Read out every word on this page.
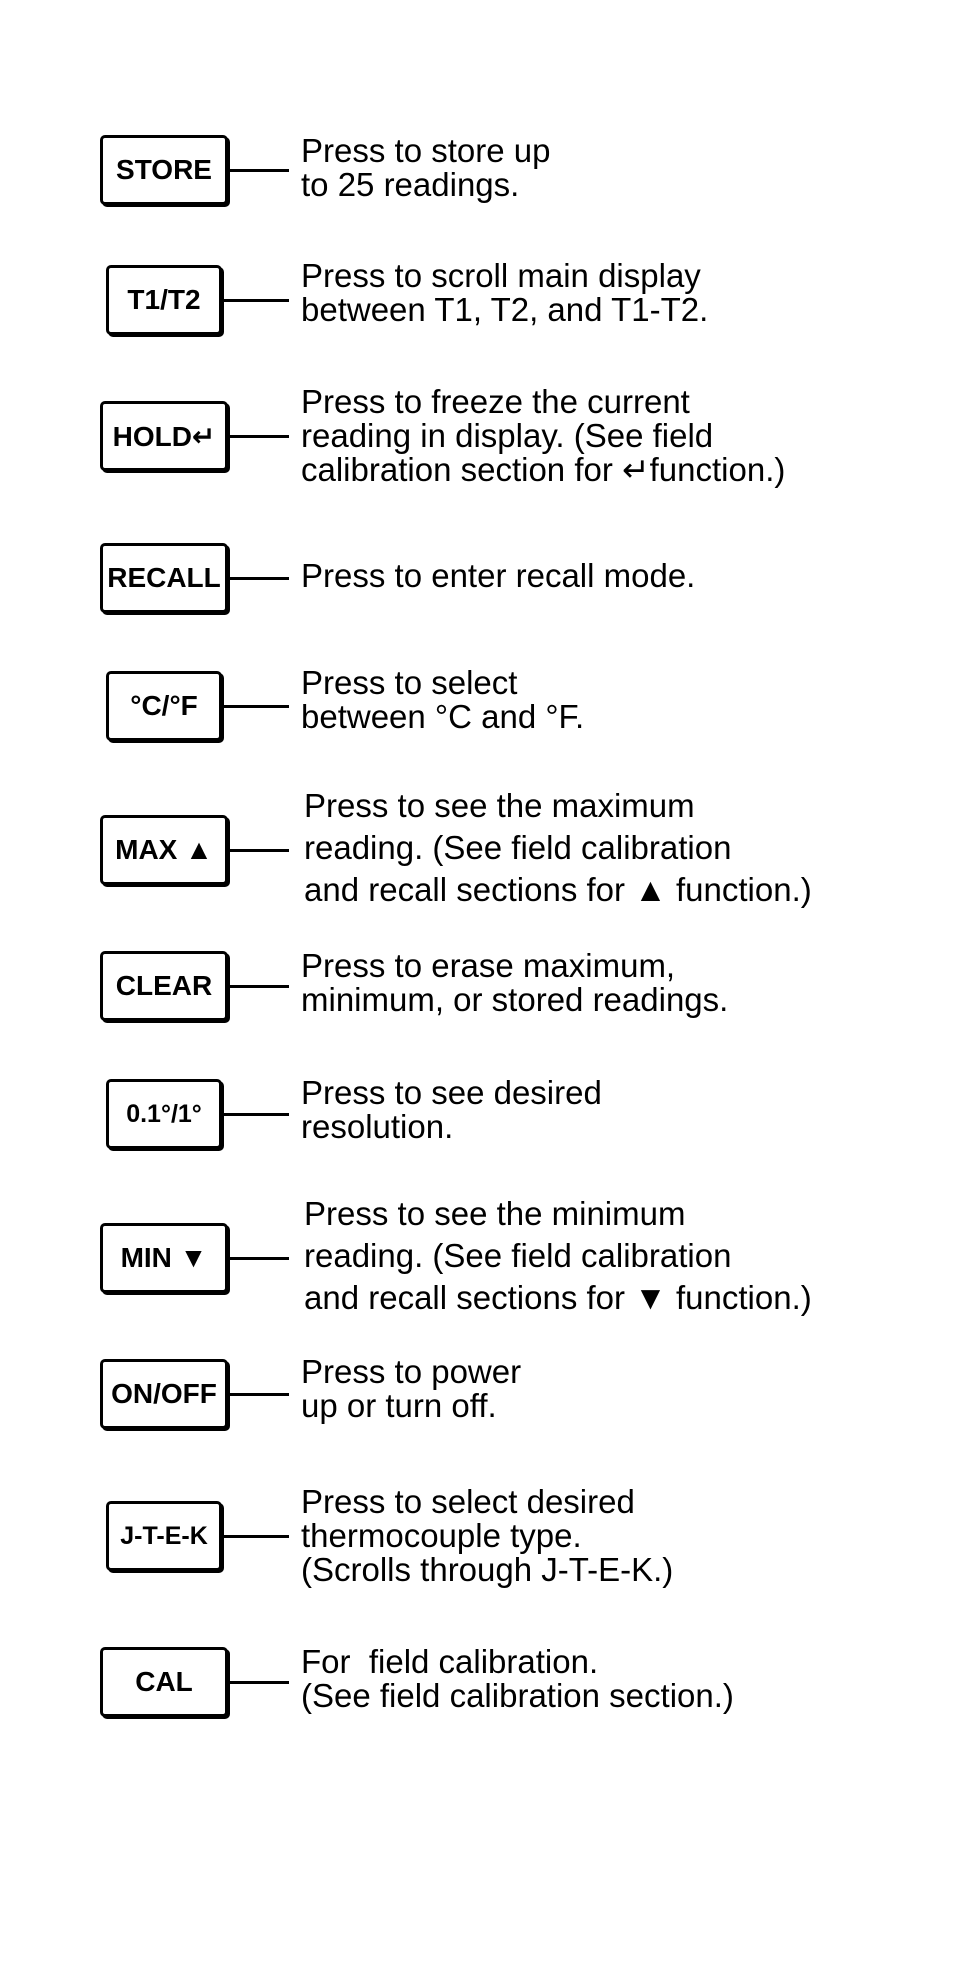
STORE
Press to store up
to 25 readings.
T1/T2
Press to scroll main display
between T1, T2, and T1-T2.
HOLD↵
Press to freeze the current
reading in display. (See field
calibration section for ↵function.)
RECALL Press to enter recall mode.
°C/°F
Press to select
between °C and °F.
MAX ▲
Press to see the maximum
reading. (See field calibration
and recall sections for ▲ function.)
CLEAR
Press to erase maximum,
minimum, or stored readings.
0.1°/1°
Press to see desired
resolution.
MIN ▼
Press to see the minimum
reading. (See field calibration
and recall sections for ▼ function.)
ON/OFF
Press to power
up or turn off.
J-T-E-K
Press to select desired
thermocouple type.
(Scrolls through J-T-E-K.)
CAL
For  field calibration.
(See field calibration section.)
